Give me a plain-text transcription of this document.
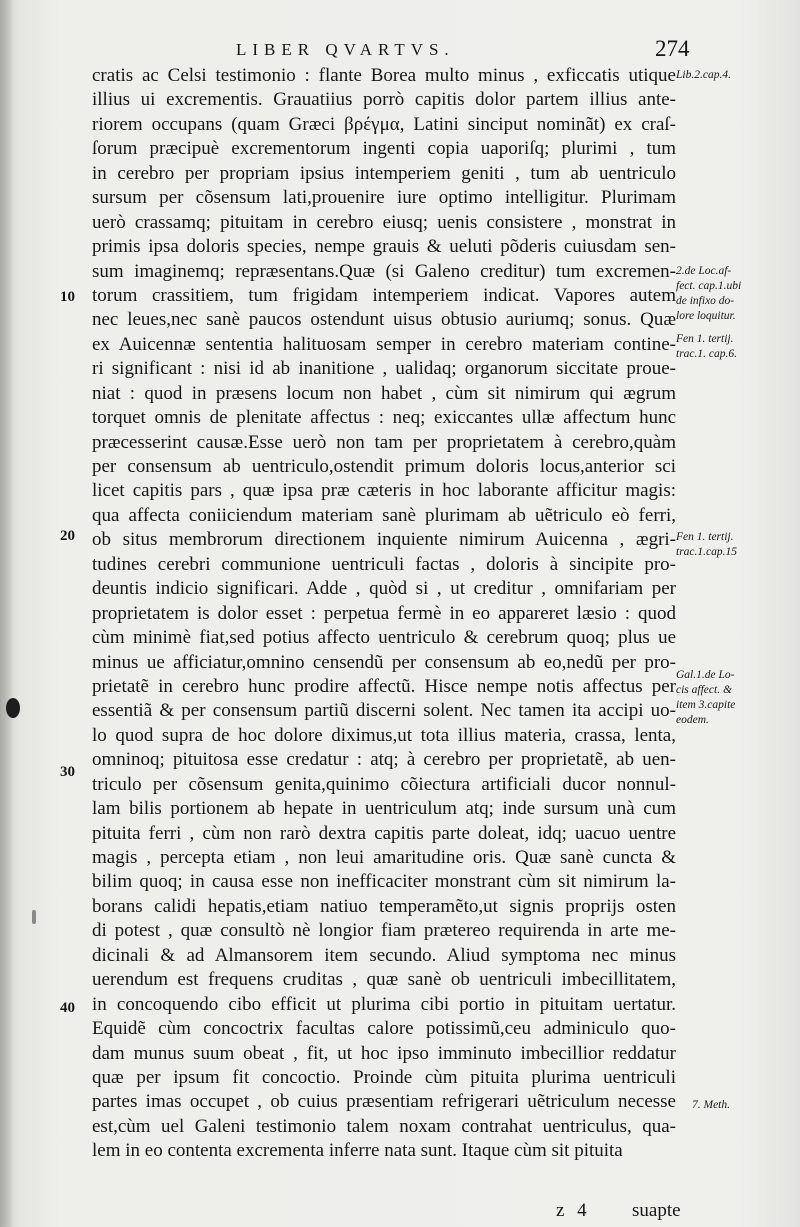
LIBER QVARTVS.	274
cratis ac Celsi testimonio : flante Borea multo minus , exficcatis utique
illius ui excrementis. Grauatiius porrò capitis dolor partem illius ante-
riorem occupans (quam Græci βρέγμα, Latini sinciput nominãt) ex craſ-
ſorum præcipuè excrementorum ingenti copia uaporiſq; plurimi , tum
in cerebro per propriam ipsius intemperiem geniti , tum ab uentriculo
sursum per cõsensum lati,prouenire iure optimo intelligitur. Plurimam
uerò crassamq; pituitam in cerebro eiusq; uenis consistere , monstrat in
primis ipsa doloris species, nempe grauis & ueluti põderis cuiusdam sen-
sum imaginemq; repræsentans.Quæ (si Galeno creditur) tum excremen-
torum crassitiem, tum frigidam intemperiem indicat. Vapores autem
nec leues,nec sanè paucos ostendunt uisus obtusio auriumq; sonus. Quæ
ex Auicennæ sententia halituosam semper in cerebro materiam contine-
ri significant : nisi id ab inanitione , ualidaq; organorum siccitate proue-
niat : quod in præsens locum non habet , cùm sit nimirum qui ægrum
torquet omnis de plenitate affectus : neq; exiccantes ullæ affectum hunc
præcesserint causæ.Esse uerò non tam per proprietatem à cerebro,quàm
per consensum ab uentriculo,ostendit primum doloris locus,anterior sci
licet capitis pars , quæ ipsa præ cæteris in hoc laborante afficitur magis:
qua affecta coniiciendum materiam sanè plurimam ab uẽtriculo eò ferri,
ob situs membrorum directionem inquiente nimirum Auicenna , ægri-
tudines cerebri communione uentriculi factas , doloris à sincipite pro-
deuntis indicio significari. Adde , quòd si , ut creditur , omnifariam per
proprietatem is dolor esset : perpetua fermè in eo appareret læsio : quod
cùm minimè fiat,sed potius affecto uentriculo & cerebrum quoq; plus ue
minus ue afficiatur,omnino censendũ per consensum ab eo,nedũ per pro-
prietatẽ in cerebro hunc prodire affectũ. Hisce nempe notis affectus per
essentiã & per consensum partiũ discerni solent. Nec tamen ita accipi uo-
lo quod supra de hoc dolore diximus,ut tota illius materia, crassa, lenta,
omninoq; pituitosa esse credatur : atq; à cerebro per proprietatẽ, ab uen-
triculo per cõsensum genita,quinimo cõiectura artificiali ducor nonnul-
lam bilis portionem ab hepate in uentriculum atq; inde sursum unà cum
pituita ferri , cùm non rarò dextra capitis parte doleat, idq; uacuo uentre
magis , percepta etiam , non leui amaritudine oris. Quæ sanè cuncta &
bilim quoq; in causa esse non inefficaciter monstrant cùm sit nimirum la-
borans calidi hepatis,etiam natiuo temperamẽto,ut signis proprijs osten
di potest , quæ consultò nè longior fiam prætereo requirenda in arte me-
dicinali & ad Almansorem item secundo. Aliud symptoma nec minus
uerendum est frequens cruditas , quæ sanè ob uentriculi imbecillitatem,
in concoquendo cibo efficit ut plurima cibi portio in pituitam uertatur.
Equidẽ cùm concoctrix facultas calore potissimũ,ceu adminiculo quo-
dam munus suum obeat , fit, ut hoc ipso imminuto imbecillior reddatur
quæ per ipsum fit concoctio. Proinde cùm pituita plurima uentriculi
partes imas occupet , ob cuius præsentiam refrigerari uẽtriculum necesse
est,cùm uel Galeni testimonio talem noxam contrahat uentriculus, qua-
lem in eo contenta excrementa inferre nata sunt. Itaque cùm sit pituita
10
20
30
40
Lib.2.cap.4.
2.de Loc.af-
fect. cap.1.ubi
de infixo do-
lore loquitur.
Fen 1. tertij.
trac.1. cap.6.
Fen 1. tertij.
trac.1.cap.15
Gal.1.de Lo-
cis affect. &
item 3.capite
eodem.
7. Meth.
z 4 suapte
